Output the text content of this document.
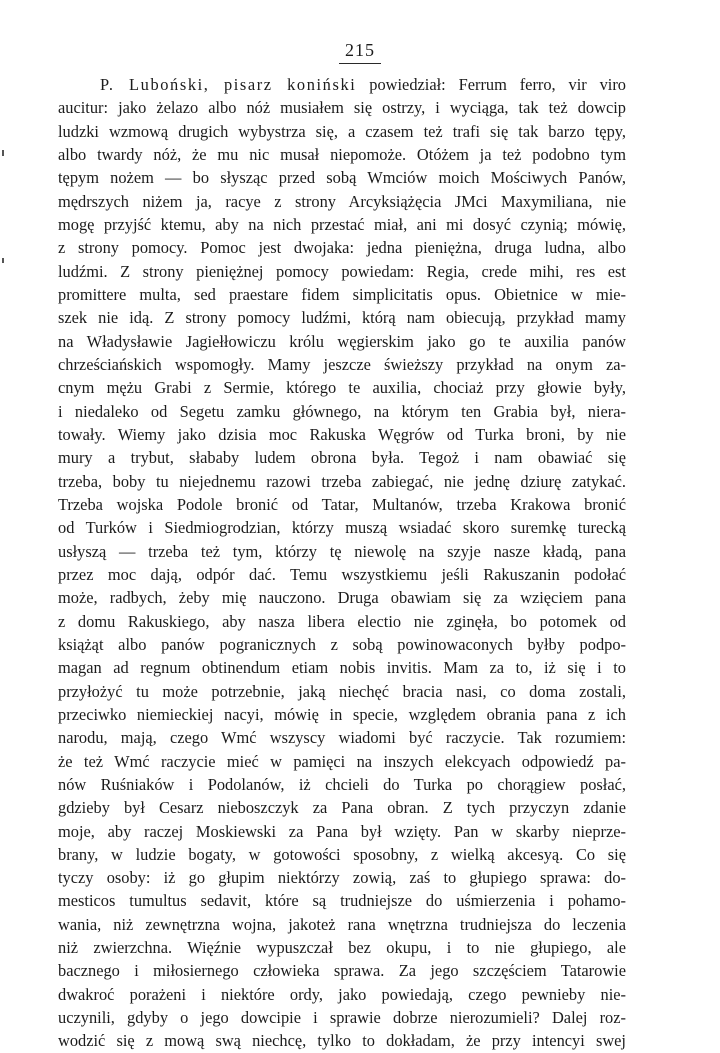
215
P. Luboński, pisarz koniński powiedział: Ferrum ferro, vir viro
aucitur: jako żelazo albo nóż musiałem się ostrzy, i wyciąga, tak też dowcip
ludzki wzmową drugich wybystrza się, a czasem też trafi się tak barzo tępy,
albo twardy nóż, że mu nic musał niepomoże. Otóżem ja też podobno tym
tępym nożem — bo słysząc przed sobą Wmciów moich Mościwych Panów,
mędrszych niżem ja, racye z strony Arcyksiążęcia JMci Maxymiliana, nie
mogę przyjść ktemu, aby na nich przestać miał, ani mi dosyć czynią; mówię,
z strony pomocy. Pomoc jest dwojaka: jedna pieniężna, druga ludna, albo
ludźmi. Z strony pieniężnej pomocy powiedam: Regia, crede mihi, res est
promittere multa, sed praestare fidem simplicitatis opus. Obietnice w mie-
szek nie idą. Z strony pomocy ludźmi, którą nam obiecują, przykład mamy
na Władysławie Jagiełłowiczu królu węgierskim jako go te auxilia panów
chrześciańskich wspomogły. Mamy jeszcze świeższy przykład na onym za-
cnym mężu Grabi z Sermie, którego te auxilia, chociaż przy głowie były,
i niedaleko od Segetu zamku głównego, na którym ten Grabia był, niera-
towały. Wiemy jako dzisia moc Rakuska Węgrów od Turka broni, by nie
mury a trybut, słababy ludem obrona była. Tegoż i nam obawiać się
trzeba, boby tu niejednemu razowi trzeba zabiegać, nie jednę dziurę zatykać.
Trzeba wojska Podole bronić od Tatar, Multanów, trzeba Krakowa bronić
od Turków i Siedmiogrodzian, którzy muszą wsiadać skoro suremkę turecką
usłyszą — trzeba też tym, którzy tę niewolę na szyje nasze kładą, pana
przez moc dają, odpór dać. Temu wszystkiemu jeśli Rakuszanin podołać
może, radbych, żeby mię nauczono. Druga obawiam się za wzięciem pana
z domu Rakuskiego, aby nasza libera electio nie zginęła, bo potomek od
książąt albo panów pogranicznych z sobą powinowaconych byłby podpo-
magan ad regnum obtinendum etiam nobis invitis. Mam za to, iż się i to
przyłożyć tu może potrzebnie, jaką niechęć bracia nasi, co doma zostali,
przeciwko niemieckiej nacyi, mówię in specie, względem obrania pana z ich
narodu, mają, czego Wmć wszyscy wiadomi być raczycie. Tak rozumiem:
że też Wmć raczycie mieć w pamięci na inszych elekcyach odpowiedź pa-
nów Ruśniaków i Podolanów, iż chcieli do Turka po chorągiew posłać,
gdzieby był Cesarz nieboszczyk za Pana obran. Z tych przyczyn zdanie
moje, aby raczej Moskiewski za Pana był wzięty. Pan w skarby nieprze-
brany, w ludzie bogaty, w gotowości sposobny, z wielką akcesyą. Co się
tyczy osoby: iż go głupim niektórzy zowią, zaś to głupiego sprawa: do-
mesticos tumultus sedavit, które są trudniejsze do uśmierzenia i pohamo-
wania, niż zewnętrzna wojna, jakoteż rana wnętrzna trudniejsza do leczenia
niż zwierzchna. Więźnie wypuszczał bez okupu, i to nie głupiego, ale
bacznego i miłosiernego człowieka sprawa. Za jego szczęściem Tatarowie
dwakroć porażeni i niektóre ordy, jako powiedają, czego pewnieby nie-
uczynili, gdyby o jego dowcipie i sprawie dobrze nierozumieli? Dalej roz-
wodzić się z mową swą niechcę, tylko to dokładam, że przy intencyi swej
